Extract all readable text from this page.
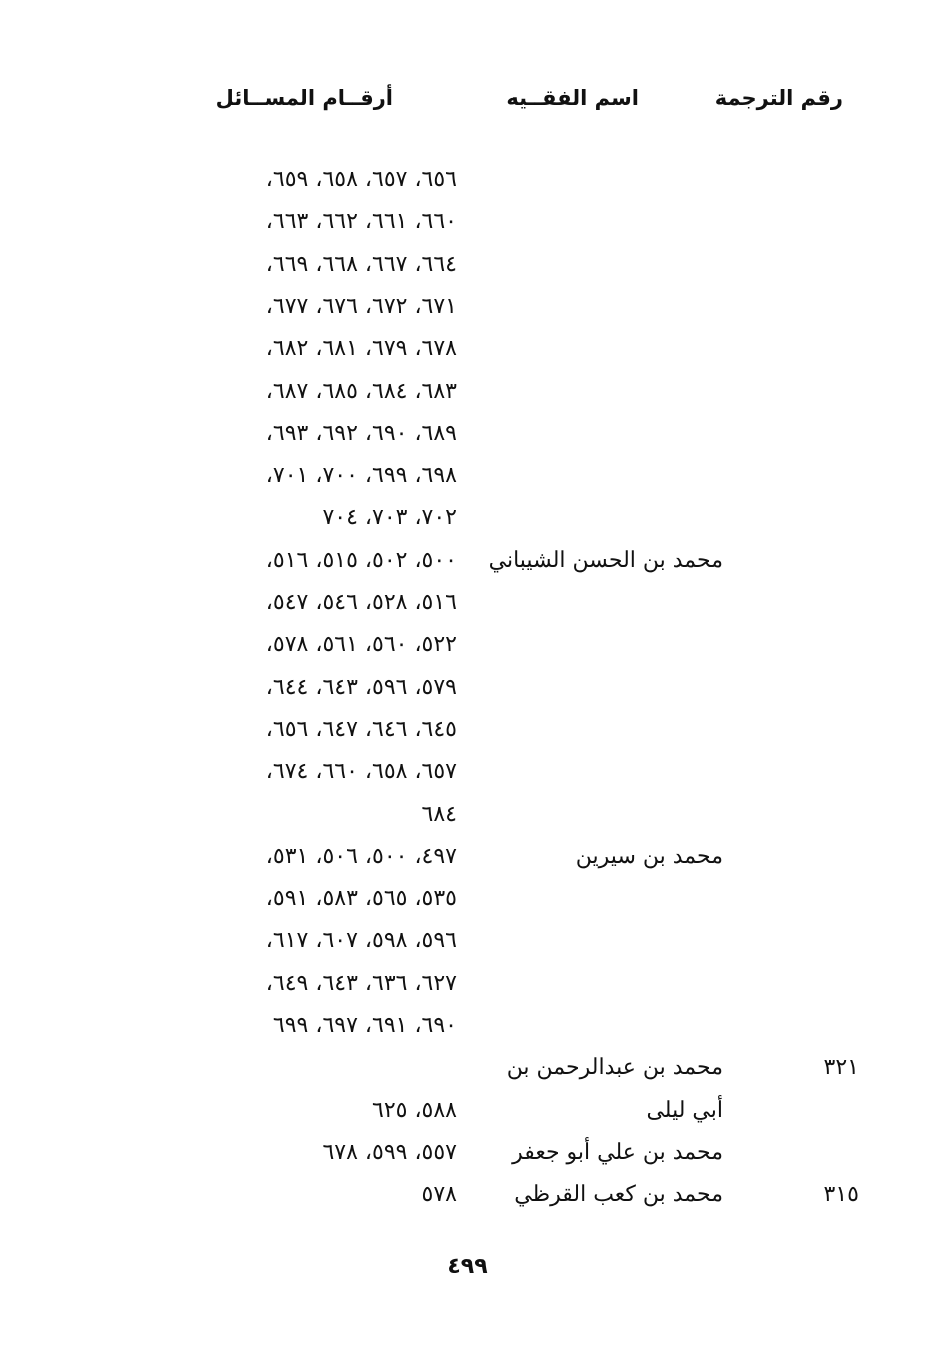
رقم الترجمة
اسم الفقــيه
أرقــام المســائل
٦٥٦، ٦٥٧، ٦٥٨، ٦٥٩،
٦٦٠، ٦٦١، ٦٦٢، ٦٦٣،
٦٦٤، ٦٦٧، ٦٦٨، ٦٦٩،
٦٧١، ٦٧٢، ٦٧٦، ٦٧٧،
٦٧٨، ٦٧٩، ٦٨١، ٦٨٢،
٦٨٣، ٦٨٤، ٦٨٥، ٦٨٧،
٦٨٩، ٦٩٠، ٦٩٢، ٦٩٣،
٦٩٨، ٦٩٩، ٧٠٠، ٧٠١،
٧٠٢، ٧٠٣، ٧٠٤
محمد بن الحسن الشيباني
٥٠٠، ٥٠٢، ٥١٥، ٥١٦،
٥١٦، ٥٢٨، ٥٤٦، ٥٤٧،
٥٢٢، ٥٦٠، ٥٦١، ٥٧٨،
٥٧٩، ٥٩٦، ٦٤٣، ٦٤٤،
٦٤٥، ٦٤٦، ٦٤٧، ٦٥٦،
٦٥٧، ٦٥٨، ٦٦٠، ٦٧٤،
٦٨٤
محمد بن سيرين
٤٩٧، ٥٠٠، ٥٠٦، ٥٣١،
٥٣٥، ٥٦٥، ٥٨٣، ٥٩١،
٥٩٦، ٥٩٨، ٦٠٧، ٦١٧،
٦٢٧، ٦٣٦، ٦٤٣، ٦٤٩،
٦٩٠، ٦٩١، ٦٩٧، ٦٩٩
٣٢١
محمد بن عبدالرحمن بن
أبي ليلى
٥٨٨، ٦٢٥
محمد بن علي أبو جعفر
٥٥٧، ٥٩٩، ٦٧٨
٣١٥
محمد بن كعب القرظي
٥٧٨
٤٩٩
